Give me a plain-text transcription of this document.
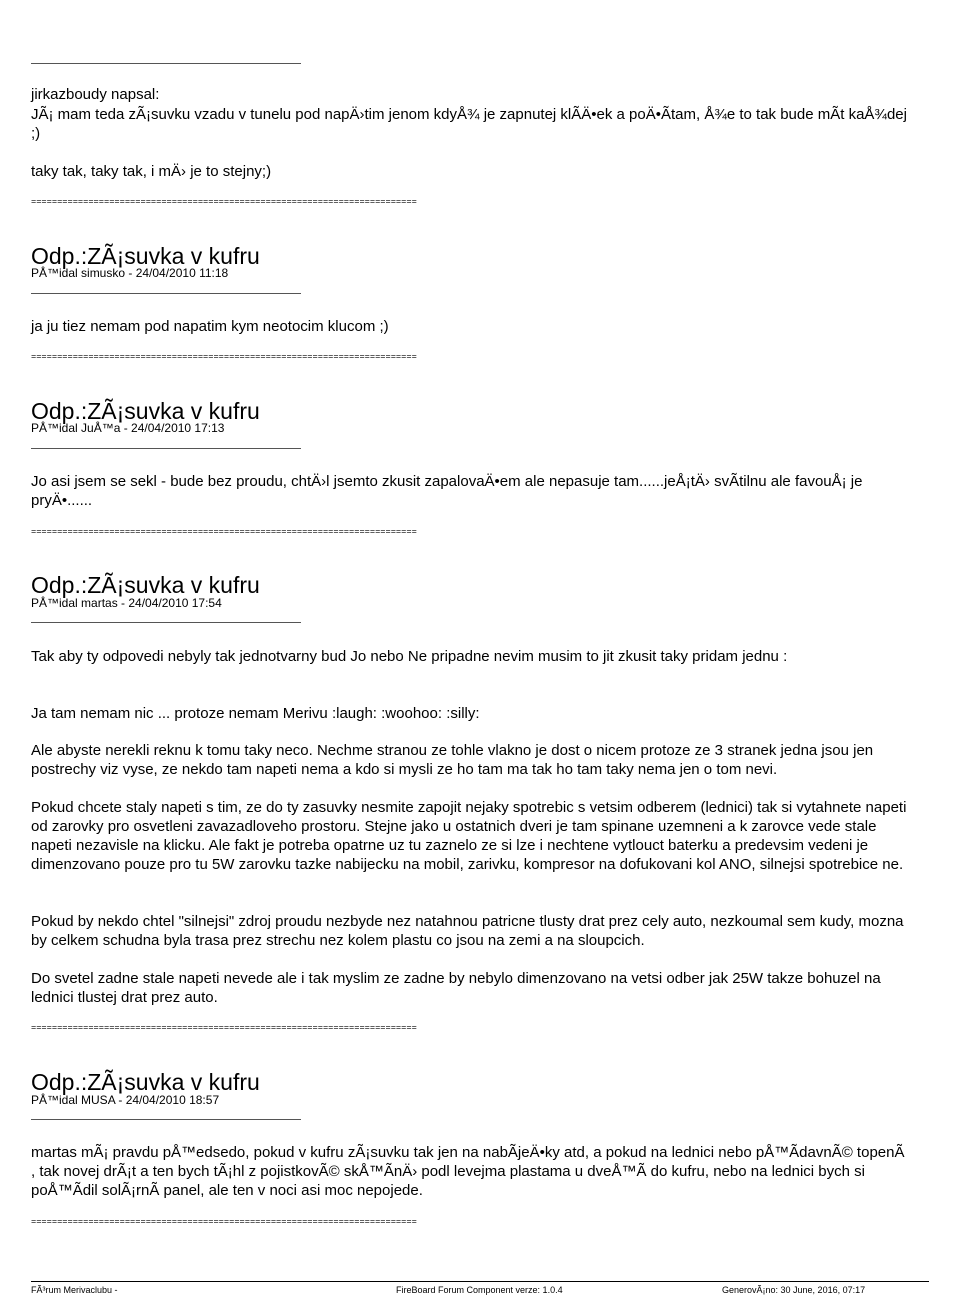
jirkazboudy napsal:
JÃ¡ mam teda zÃ¡suvku vzadu v tunelu pod napÄ›tim jenom kdyÅ¾ je zapnutej klÃÄ•ek a poÄ•Ãtam, Å¾e to tak bude mÃt kaÅ¾dej
;)
taky tak, taky tak, i mÄ› je to stejny;)
==========================================================================
Odp.:ZÃ¡suvka v kufru
PÅ™idal simusko - 24/04/2010 11:18
ja ju tiez nemam pod napatim kym neotocim klucom ;)
==========================================================================
Odp.:ZÃ¡suvka v kufru
PÅ™idal JuÅ™a - 24/04/2010 17:13
Jo asi jsem se sekl - bude bez proudu, chtÄ›l jsemto zkusit zapalovaÄ•em ale nepasuje tam......jeÅ¡tÄ› svÃtilnu ale favouÅ¡ je pryÄ•......
==========================================================================
Odp.:ZÃ¡suvka v kufru
PÅ™idal martas - 24/04/2010 17:54
Tak aby ty odpovedi nebyly tak jednotvarny bud Jo nebo Ne pripadne nevim musim to jit zkusit taky pridam jednu :
Ja tam nemam nic ... protoze nemam Merivu :laugh: :woohoo: :silly:
Ale abyste nerekli reknu k tomu taky neco. Nechme stranou ze tohle vlakno je dost o nicem protoze ze 3 stranek jedna jsou jen postrechy viz vyse, ze nekdo tam napeti nema a kdo si mysli ze ho tam ma tak ho tam taky nema jen o tom nevi.
Pokud chcete staly napeti s tim, ze do ty zasuvky nesmite zapojit nejaky spotrebic s vetsim odberem (lednici) tak si vytahnete napeti od zarovky pro osvetleni zavazadloveho prostoru. Stejne jako u ostatnich dveri je tam spinane uzemneni a k zarovce vede stale napeti nezavisle na klicku. Ale fakt je potreba opatrne uz tu zaznelo ze si lze i nechtene vytlouct baterku a predevsim vedeni je dimenzovano pouze pro tu 5W zarovku tazke nabijecku na mobil, zarivku, kompresor na dofukovani kol ANO, silnejsi spotrebice ne.
Pokud by nekdo chtel "silnejsi" zdroj proudu nezbyde nez natahnou patricne tlusty drat prez cely auto, nezkoumal sem kudy, mozna by celkem schudna byla trasa prez strechu nez kolem plastu co jsou na zemi a na sloupcich.
Do svetel zadne stale napeti nevede ale i tak myslim ze zadne by nebylo dimenzovano na vetsi odber jak 25W takze bohuzel na lednici tlustej drat prez auto.
==========================================================================
Odp.:ZÃ¡suvka v kufru
PÅ™idal MUSA - 24/04/2010 18:57
martas mÃ¡ pravdu pÅ™edsedo, pokud v kufru zÃ¡suvku tak jen na nabÃjeÄ•ky atd, a pokud na lednici nebo pÅ™ÃdavnÃ© topenÃ
, tak novej drÃ¡t a ten bych tÃ¡hl z pojistkovÃ© skÅ™ÃnÄ› podl levejma plastama u dveÅ™Ã do kufru, nebo na lednici bych si
poÅ™Ãdil solÃ¡rnÃ panel, ale ten v noci asi moc nepojede.
==========================================================================
FÃ³rum Merivaclubu -	FireBoard Forum Component verze: 1.0.4	GenerovÃ¡no: 30 June, 2016, 07:17
